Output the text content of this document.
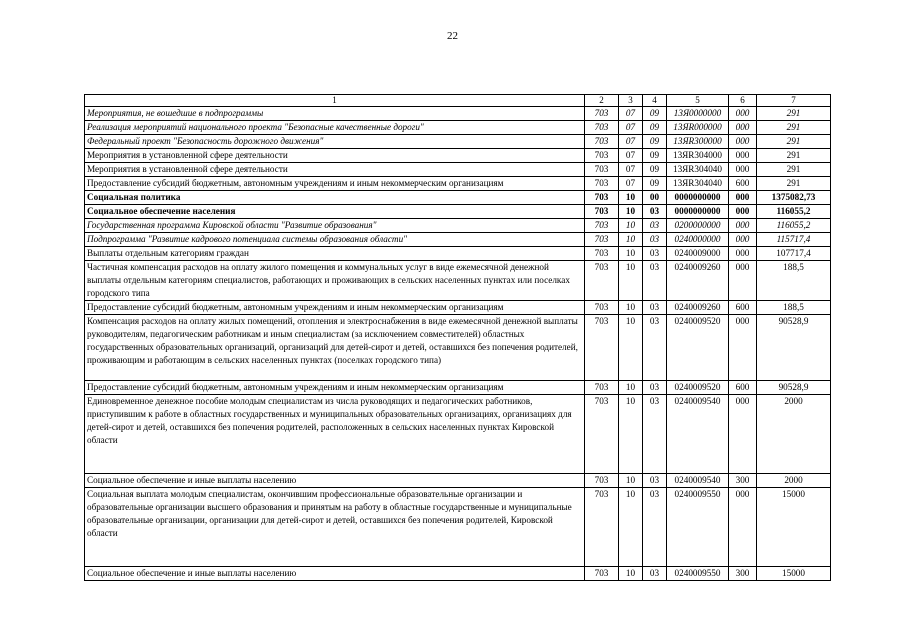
22
1	2	3	4	5	6	7
Мероприятия, не вошедшие в подпрограммы	703	07	09	13Я0000000	000	291
Реализация мероприятий национального проекта "Безопасные качественные дороги"	703	07	09	13ЯR000000	000	291
Федеральный проект "Безопасность дорожного движения"	703	07	09	13ЯR300000	000	291
Мероприятия в установленной сфере деятельности	703	07	09	13ЯR304000	000	291
Мероприятия в установленной сфере деятельности	703	07	09	13ЯR304040	000	291
Предоставление субсидий бюджетным, автономным учреждениям и иным некоммерческим организациям	703	07	09	13ЯR304040	600	291
Социальная политика	703	10	00	0000000000	000	1375082,73
Социальное обеспечение населения	703	10	03	0000000000	000	116055,2
Государственная программа Кировской области "Развитие образования"	703	10	03	0200000000	000	116055,2
Подпрограмма "Развитие кадрового потенциала системы образования области"	703	10	03	0240000000	000	115717,4
Выплаты отдельным категориям граждан	703	10	03	0240009000	000	107717,4
Частичная компенсация расходов на оплату жилого помещения и коммунальных услуг в виде ежемесячной денежной выплаты отдельным категориям специалистов, работающих и проживающих в сельских населенных пунктах или поселках городского типа	703	10	03	0240009260	000	188,5
Предоставление субсидий бюджетным, автономным учреждениям и иным некоммерческим организациям	703	10	03	0240009260	600	188,5
Компенсация расходов на оплату жилых помещений, отопления и электроснабжения в виде ежемесячной денежной выплаты руководителям, педагогическим работникам и иным специалистам (за исключением совместителей) областных государственных образовательных организаций, организаций для детей-сирот и детей, оставшихся без попечения родителей, проживающим и работающим в сельских населенных пунктах (поселках городского типа)	703	10	03	0240009520	000	90528,9
Предоставление субсидий бюджетным, автономным учреждениям и иным некоммерческим организациям	703	10	03	0240009520	600	90528,9
Единовременное денежное пособие молодым специалистам из числа руководящих и педагогических работников, приступившим к работе в областных государственных и муниципальных образовательных организациях, организациях для детей-сирот и детей, оставшихся без попечения родителей, расположенных в сельских населенных пунктах Кировской области	703	10	03	0240009540	000	2000
Социальное обеспечение и иные выплаты населению	703	10	03	0240009540	300	2000
Социальная выплата молодым специалистам, окончившим профессиональные образовательные организации и образовательные организации высшего образования и принятым на работу в областные государственные и муниципальные образовательные организации, организации для детей-сирот и детей, оставшихся без попечения родителей, Кировской области	703	10	03	0240009550	000	15000
Социальное обеспечение и иные выплаты населению	703	10	03	0240009550	300	15000
